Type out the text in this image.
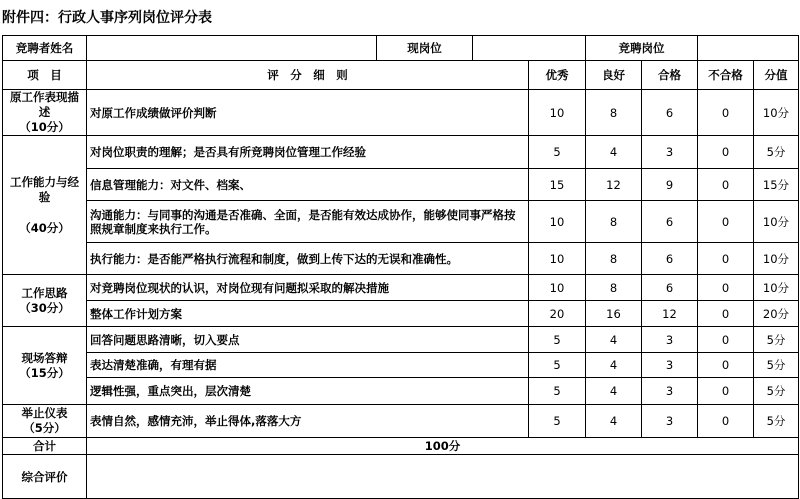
附件四：行政人事序列岗位评分表
竞聘者姓名		现岗位			竞聘岗位				
项　目	评　分　细　则			优秀	良好	合格	不合格	分值	
原工作表现描述
（10分）	对原工作成绩做评价判断			10	8	6	0	10分	
工作能力与经验
（40分）	对岗位职责的理解；是否具有所竞聘岗位管理工作经验			5	4	3	0	5分	
	信息管理能力：对文件、档案、			15	12	9	0	15分	
	沟通能力：与同事的沟通是否准确、全面，是否能有效达成协作，能够使同事严格按照规章制度来执行工作。			10	8	6	0	10分	
	执行能力：是否能严格执行流程和制度，做到上传下达的无误和准确性。			10	8	6	0	10分	
工作思路
（30分）	对竞聘岗位现状的认识，对岗位现有问题拟采取的解决措施			10	8	6	0	10分	
	整体工作计划方案			20	16	12	0	20分	
现场答辩
（15分）	回答问题思路清晰，切入要点			5	4	3	0	5分	
	表达清楚准确，有理有据			5	4	3	0	5分	
	逻辑性强，重点突出，层次清楚			5	4	3	0	5分	
举止仪表
（5分）	表情自然，感情充沛，举止得体,落落大方			5	4	3	0	5分	
合计	100分								
综合评价									
